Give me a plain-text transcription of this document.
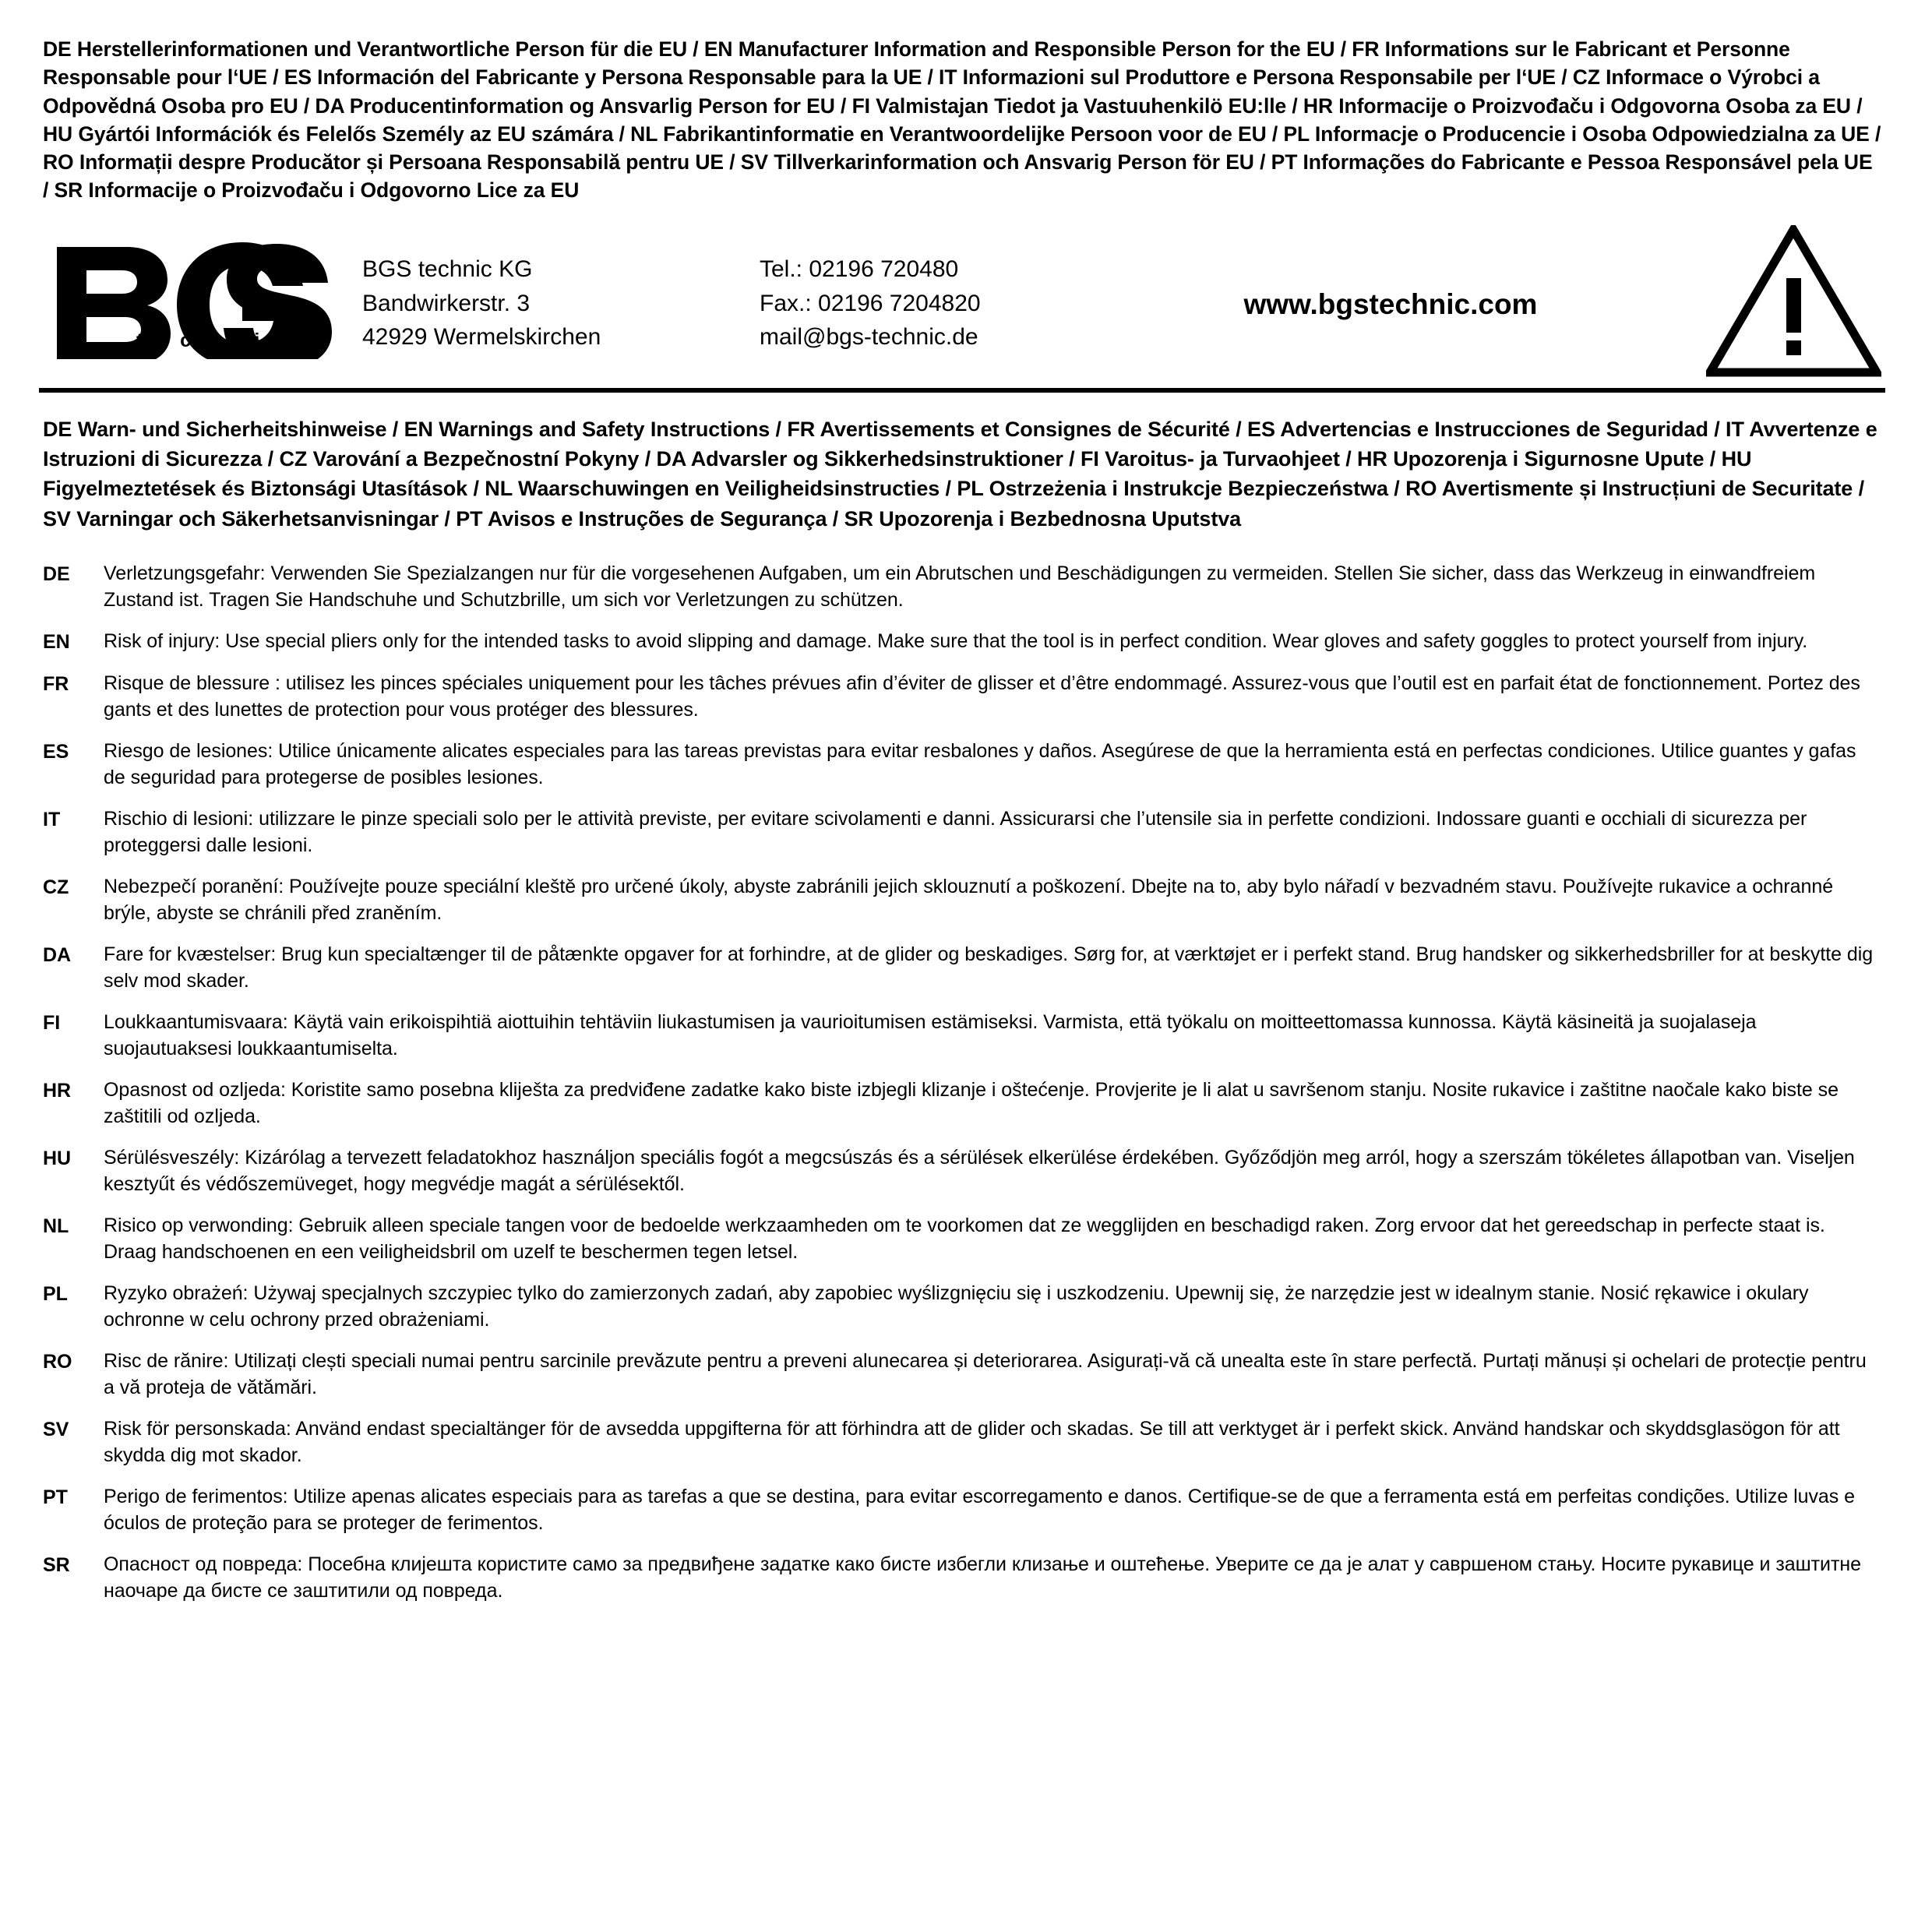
DE Herstellerinformationen und Verantwortliche Person für die EU / EN Manufacturer Information and Responsible Person for the EU / FR Informations sur le Fabricant et Personne Responsable pour l‘UE / ES Información del Fabricante y Persona Responsable para la UE / IT Informazioni sul Produttore e Persona Responsabile per l‘UE / CZ Informace o Výrobci a Odpovědná Osoba pro EU / DA Producentinformation og Ansvarlig Person for EU / FI Valmistajan Tiedot ja Vastuuhenkilö EU:lle / HR Informacije o Proizvođaču i Odgovorna Osoba za EU / HU Gyártói Információk és Felelős Személy az EU számára / NL Fabrikantinformatie en Verantwoordelijke Persoon voor de EU / PL Informacje o Producencie i Osoba Odpowiedzialna za UE / RO Informații despre Producător și Persoana Responsabilă pentru UE / SV Tillverkarinformation och Ansvarig Person för EU / PT Informações do Fabricante e Pessoa Responsável pela UE / SR Informacije o Proizvođaču i Odgovorno Lice za EU
®
t e c h n i c
BGS technic KG
Bandwirkerstr. 3
42929 Wermelskirchen
Tel.: 02196 720480
Fax.: 02196 7204820
mail@bgs-technic.de
www.bgstechnic.com
DE Warn- und Sicherheitshinweise / EN Warnings and Safety Instructions / FR Avertissements et Consignes de Sécurité / ES Advertencias e Instrucciones de Seguridad / IT Avvertenze e Istruzioni di Sicurezza / CZ Varování a Bezpečnostní Pokyny / DA Advarsler og Sikkerhedsinstruktioner / FI Varoitus- ja Turvaohjeet / HR Upozorenja i Sigurnosne Upute / HU Figyelmeztetések és Biztonsági Utasítások / NL Waarschuwingen en Veiligheidsinstructies / PL Ostrzeżenia i Instrukcje Bezpieczeństwa / RO Avertismente și Instrucțiuni de Securitate / SV Varningar och Säkerhetsanvisningar / PT Avisos e Instruções de Segurança / SR Upozorenja i Bezbednosna Uputstva
DE	Verletzungsgefahr: Verwenden Sie Spezialzangen nur für die vorgesehenen Aufgaben, um ein Abrutschen und Beschädigungen zu vermeiden. Stellen Sie sicher, dass das Werkzeug in einwandfreiem Zustand ist. Tragen Sie Handschuhe und Schutzbrille, um sich vor Verletzungen zu schützen.
EN	Risk of injury: Use special pliers only for the intended tasks to avoid slipping and damage. Make sure that the tool is in perfect condition. Wear gloves and safety goggles to protect yourself from injury.
FR	Risque de blessure : utilisez les pinces spéciales uniquement pour les tâches prévues afin d’éviter de glisser et d’être endommagé. Assurez-vous que l’outil est en parfait état de fonctionnement. Portez des gants et des lunettes de protection pour vous protéger des blessures.
ES	Riesgo de lesiones: Utilice únicamente alicates especiales para las tareas previstas para evitar resbalones y daños. Asegúrese de que la herramienta está en perfectas condiciones. Utilice guantes y gafas de seguridad para protegerse de posibles lesiones.
IT	Rischio di lesioni: utilizzare le pinze speciali solo per le attività previste, per evitare scivolamenti e danni. Assicurarsi che l’utensile sia in perfette condizioni. Indossare guanti e occhiali di sicurezza per proteggersi dalle lesioni.
CZ	Nebezpečí poranění: Používejte pouze speciální kleště pro určené úkoly, abyste zabránili jejich sklouznutí a poškození. Dbejte na to, aby bylo nářadí v bezvadném stavu. Používejte rukavice a ochranné brýle, abyste se chránili před zraněním.
DA	Fare for kvæstelser: Brug kun specialtænger til de påtænkte opgaver for at forhindre, at de glider og beskadiges. Sørg for, at værktøjet er i perfekt stand. Brug handsker og sikkerhedsbriller for at beskytte dig selv mod skader.
FI	Loukkaantumisvaara: Käytä vain erikoispihtiä aiottuihin tehtäviin liukastumisen ja vaurioitumisen estämiseksi. Varmista, että työkalu on moitteettomassa kunnossa. Käytä käsineitä ja suojalaseja suojautuaksesi loukkaantumiselta.
HR	Opasnost od ozljeda: Koristite samo posebna kliješta za predviđene zadatke kako biste izbjegli klizanje i oštećenje. Provjerite je li alat u savršenom stanju. Nosite rukavice i zaštitne naočale kako biste se zaštitili od ozljeda.
HU	Sérülésveszély: Kizárólag a tervezett feladatokhoz használjon speciális fogót a megcsúszás és a sérülések elkerülése érdekében. Győződjön meg arról, hogy a szerszám tökéletes állapotban van. Viseljen kesztyűt és védőszemüveget, hogy megvédje magát a sérülésektől.
NL	Risico op verwonding: Gebruik alleen speciale tangen voor de bedoelde werkzaamheden om te voorkomen dat ze wegglijden en beschadigd raken. Zorg ervoor dat het gereedschap in perfecte staat is. Draag handschoenen en een veiligheidsbril om uzelf te beschermen tegen letsel.
PL	Ryzyko obrażeń: Używaj specjalnych szczypiec tylko do zamierzonych zadań, aby zapobiec wyślizgnięciu się i uszkodzeniu. Upewnij się, że narzędzie jest w idealnym stanie. Nosić rękawice i okulary ochronne w celu ochrony przed obrażeniami.
RO	Risc de rănire: Utilizați clești speciali numai pentru sarcinile prevăzute pentru a preveni alunecarea și deteriorarea. Asigurați-vă că unealta este în stare perfectă. Purtați mănuși și ochelari de protecție pentru a vă proteja de vătămări.
SV	Risk för personskada: Använd endast specialtänger för de avsedda uppgifterna för att förhindra att de glider och skadas. Se till att verktyget är i perfekt skick. Använd handskar och skyddsglasögon för att skydda dig mot skador.
PT	Perigo de ferimentos: Utilize apenas alicates especiais para as tarefas a que se destina, para evitar escorregamento e danos. Certifique-se de que a ferramenta está em perfeitas condições. Utilize luvas e óculos de proteção para se proteger de ferimentos.
SR	Опасност од повреда: Посебна клијешта користите само за предвиђене задатке како бисте избегли клизање и оштећење. Уверите се да је алат у савршеном стању. Носите рукавице и заштитне наочаре да бисте се заштитили од повреда.
